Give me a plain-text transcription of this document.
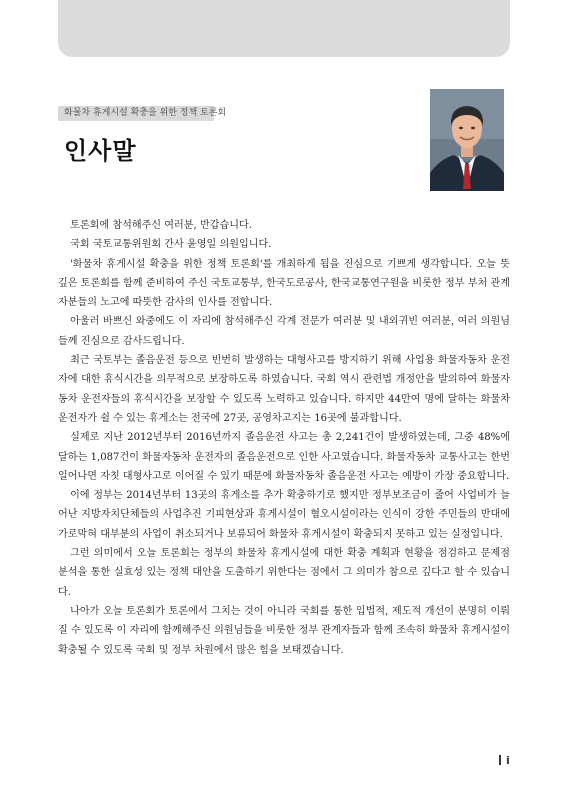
화물차 휴게시설 확충을 위한 정책 토론회
인사말

토론회에 참석해주신 여러분, 반갑습니다.

국회 국토교통위원회 간사 윤영일 의원입니다.

'화물차 휴게시설 확충을 위한 정책 토론회'를 개최하게 됨을 진심으로 기쁘게 생각합니다. 오늘 뜻 깊은 토론회를 함께 준비하여 주신 국토교통부, 한국도로공사, 한국교통연구원을 비롯한 정부 부처 관계자분들의 노고에 따뜻한 감사의 인사를 전합니다.

아울러 바쁘신 와중에도 이 자리에 참석해주신 각계 전문가 여러분 및 내외귀빈 여러분, 여러 의원님들께 진심으로 감사드립니다.

최근 국토부는 졸음운전 등으로 빈번히 발생하는 대형사고를 방지하기 위해 사업용 화물자동차 운전자에 대한 휴식시간을 의무적으로 보장하도록 하였습니다. 국회 역시 관련법 개정안을 발의하여 화물자동차 운전자들의 휴식시간을 보장할 수 있도록 노력하고 있습니다. 하지만 44만여 명에 달하는 화물차 운전자가 쉴 수 있는 휴게소는 전국에 27곳, 공영차고지는 16곳에 불과합니다.

실제로 지난 2012년부터 2016년까지 졸음운전 사고는 총 2,241건이 발생하였는데, 그중 48%에 달하는 1,087건이 화물자동차 운전자의 졸음운전으로 인한 사고였습니다. 화물자동차 교통사고는 한번 일어나면 자칫 대형사고로 이어질 수 있기 때문에 화물자동차 졸음운전 사고는 예방이 가장 중요합니다.

이에 정부는 2014년부터 13곳의 휴게소를 추가 확충하기로 했지만 정부보조금이 줄어 사업비가 늘어난 지방자치단체들의 사업추진 기피현상과 휴게시설이 혐오시설이라는 인식이 강한 주민들의 반대에 가로막혀 대부분의 사업이 취소되거나 보류되어 화물차 휴게시설이 확충되지 못하고 있는 실정입니다.

그런 의미에서 오늘 토론회는 정부의 화물차 휴게시설에 대한 확충 계획과 현황을 점검하고 문제점 분석을 통한 실효성 있는 정책 대안을 도출하기 위한다는 점에서 그 의미가 참으로 깊다고 할 수 있습니다.

나아가 오늘 토론회가 토론에서 그치는 것이 아니라 국회를 통한 입법적, 제도적 개선이 분명히 이뤄질 수 있도록 이 자리에 함께해주신 의원님들을 비롯한 정부 관계자들과 함께 조속히 화물차 휴게시설이 확충될 수 있도록 국회 및 정부 차원에서 많은 힘을 보태겠습니다.

i
